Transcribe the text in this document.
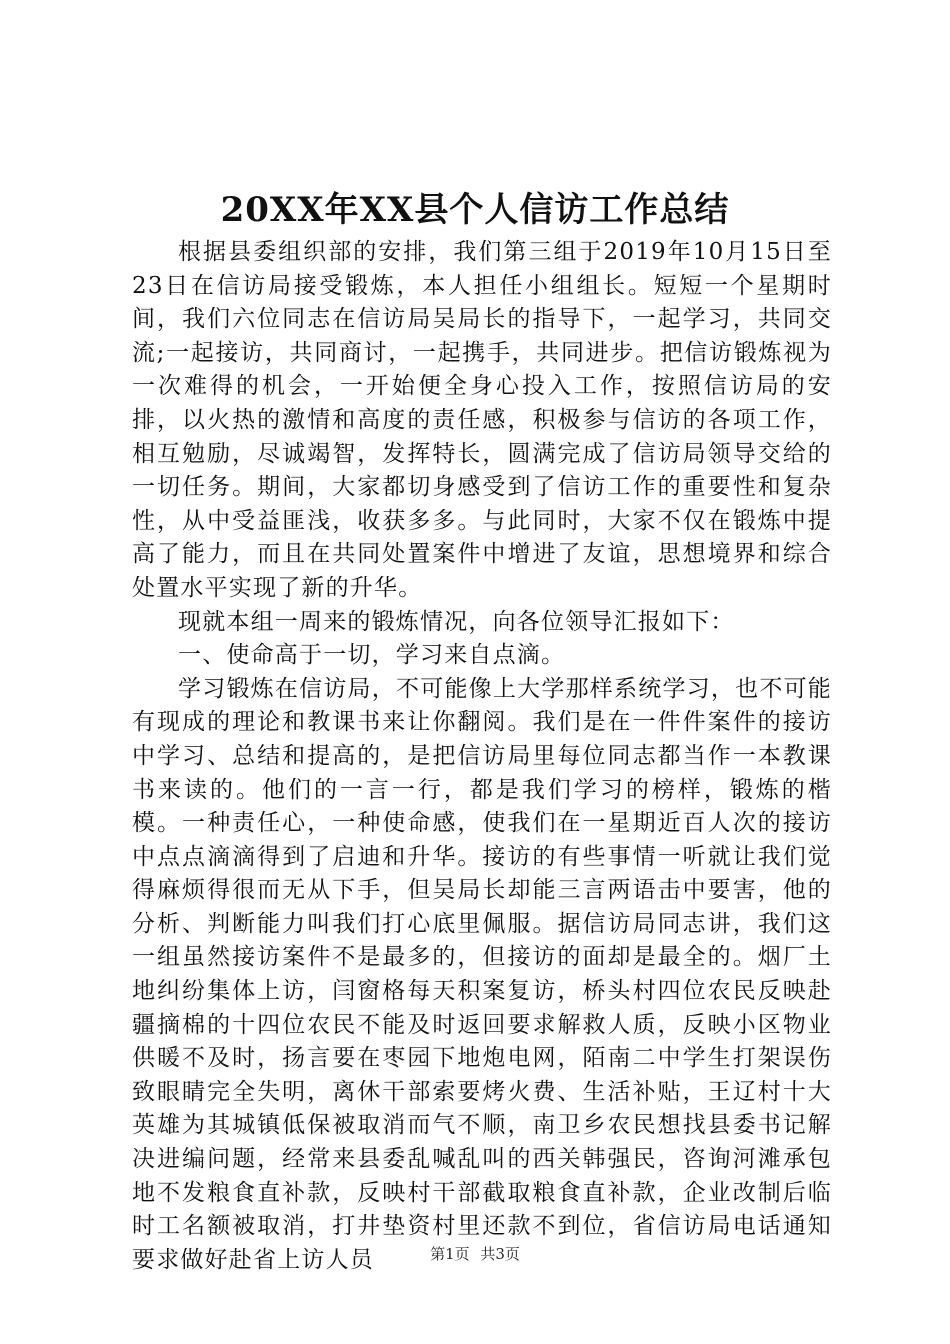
20XX年XX县个人信访工作总结

根据县委组织部的安排，我们第三组于2019年10月15日至23日在信访局接受锻炼，本人担任小组组长。短短一个星期时间，我们六位同志在信访局吴局长的指导下，一起学习，共同交流;一起接访，共同商讨，一起携手，共同进步。把信访锻炼视为一次难得的机会，一开始便全身心投入工作，按照信访局的安排，以火热的激情和高度的责任感，积极参与信访的各项工作，相互勉励，尽诚竭智，发挥特长，圆满完成了信访局领导交给的一切任务。期间，大家都切身感受到了信访工作的重要性和复杂性，从中受益匪浅，收获多多。与此同时，大家不仅在锻炼中提高了能力，而且在共同处置案件中增进了友谊，思想境界和综合处置水平实现了新的升华。

现就本组一周来的锻炼情况，向各位领导汇报如下：

一、使命高于一切，学习来自点滴。

学习锻炼在信访局，不可能像上大学那样系统学习，也不可能有现成的理论和教课书来让你翻阅。我们是在一件件案件的接访中学习、总结和提高的，是把信访局里每位同志都当作一本教课书来读的。他们的一言一行，都是我们学习的榜样，锻炼的楷模。一种责任心，一种使命感，使我们在一星期近百人次的接访中点点滴滴得到了启迪和升华。接访的有些事情一听就让我们觉得麻烦得很而无从下手，但吴局长却能三言两语击中要害，他的分析、判断能力叫我们打心底里佩服。据信访局同志讲，我们这一组虽然接访案件不是最多的，但接访的面却是最全的。烟厂土地纠纷集体上访，闫窗格每天积案复访，桥头村四位农民反映赴疆摘棉的十四位农民不能及时返回要求解救人质，反映小区物业供暖不及时，扬言要在枣园下地炮电网，陌南二中学生打架误伤致眼睛完全失明，离休干部索要烤火费、生活补贴，王辽村十大英雄为其城镇低保被取消而气不顺，南卫乡农民想找县委书记解决进编问题，经常来县委乱喊乱叫的西关韩强民，咨询河滩承包地不发粮食直补款，反映村干部截取粮食直补款，企业改制后临时工名额被取消，打井垫资村里还款不到位，省信访局电话通知要求做好赴省上访人员	第1页 共3页
